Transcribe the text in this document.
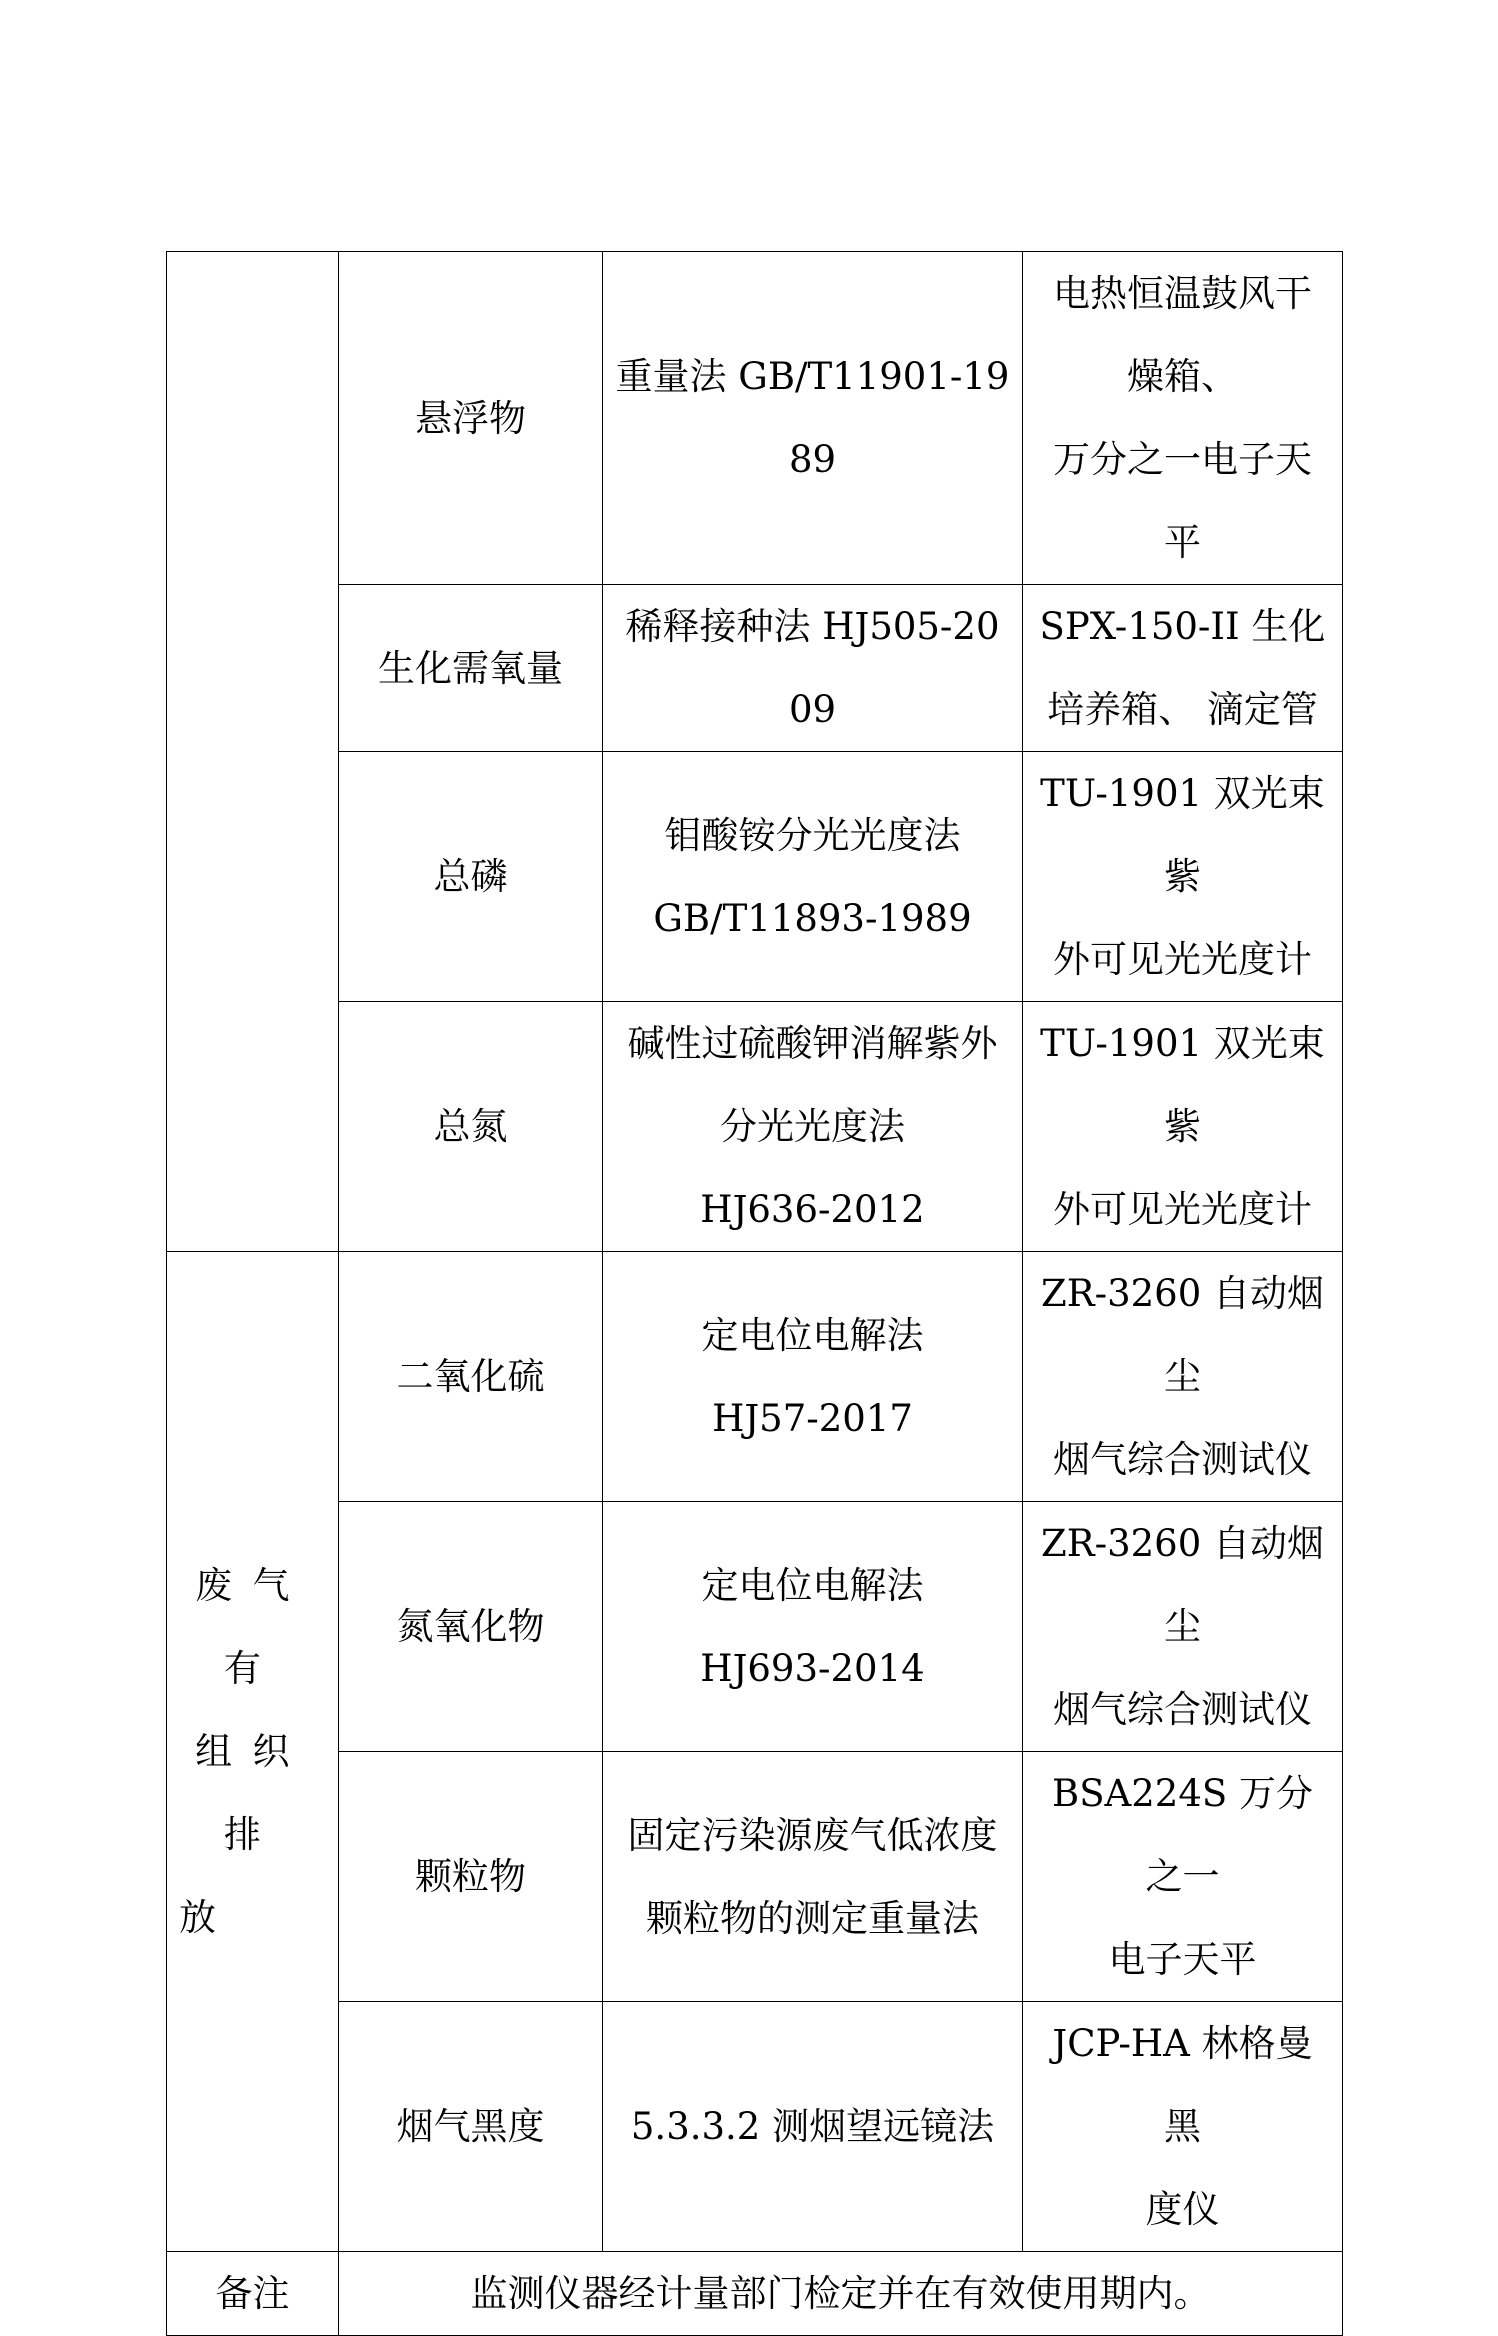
	悬浮物	重量法 GB/T11901-1989	电热恒温鼓风干
燥箱、
万分之一电子天
平

	生化需氧量	稀释接种法 HJ505-2009	SPX-150-II 生化
培养箱、 滴定管

	总磷	钼酸铵分光光度法
GB/T11893-1989	TU-1901 双光束紫
外可见光光度计

	总氮	碱性过硫酸钾消解紫外
分光光度法
HJ636-2012	TU-1901 双光束紫
外可见光光度计

废气有
组织排
放	二氧化硫	定电位电解法
HJ57-2017	ZR-3260 自动烟尘
烟气综合测试仪

	氮氧化物	定电位电解法
HJ693-2014	ZR-3260 自动烟尘
烟气综合测试仪

	颗粒物	固定污染源废气低浓度
颗粒物的测定重量法	BSA224S 万分之一
电子天平

	烟气黑度	5.3.3.2 测烟望远镜法	JCP-HA 林格曼黑
度仪

备注	监测仪器经计量部门检定并在有效使用期内。		
